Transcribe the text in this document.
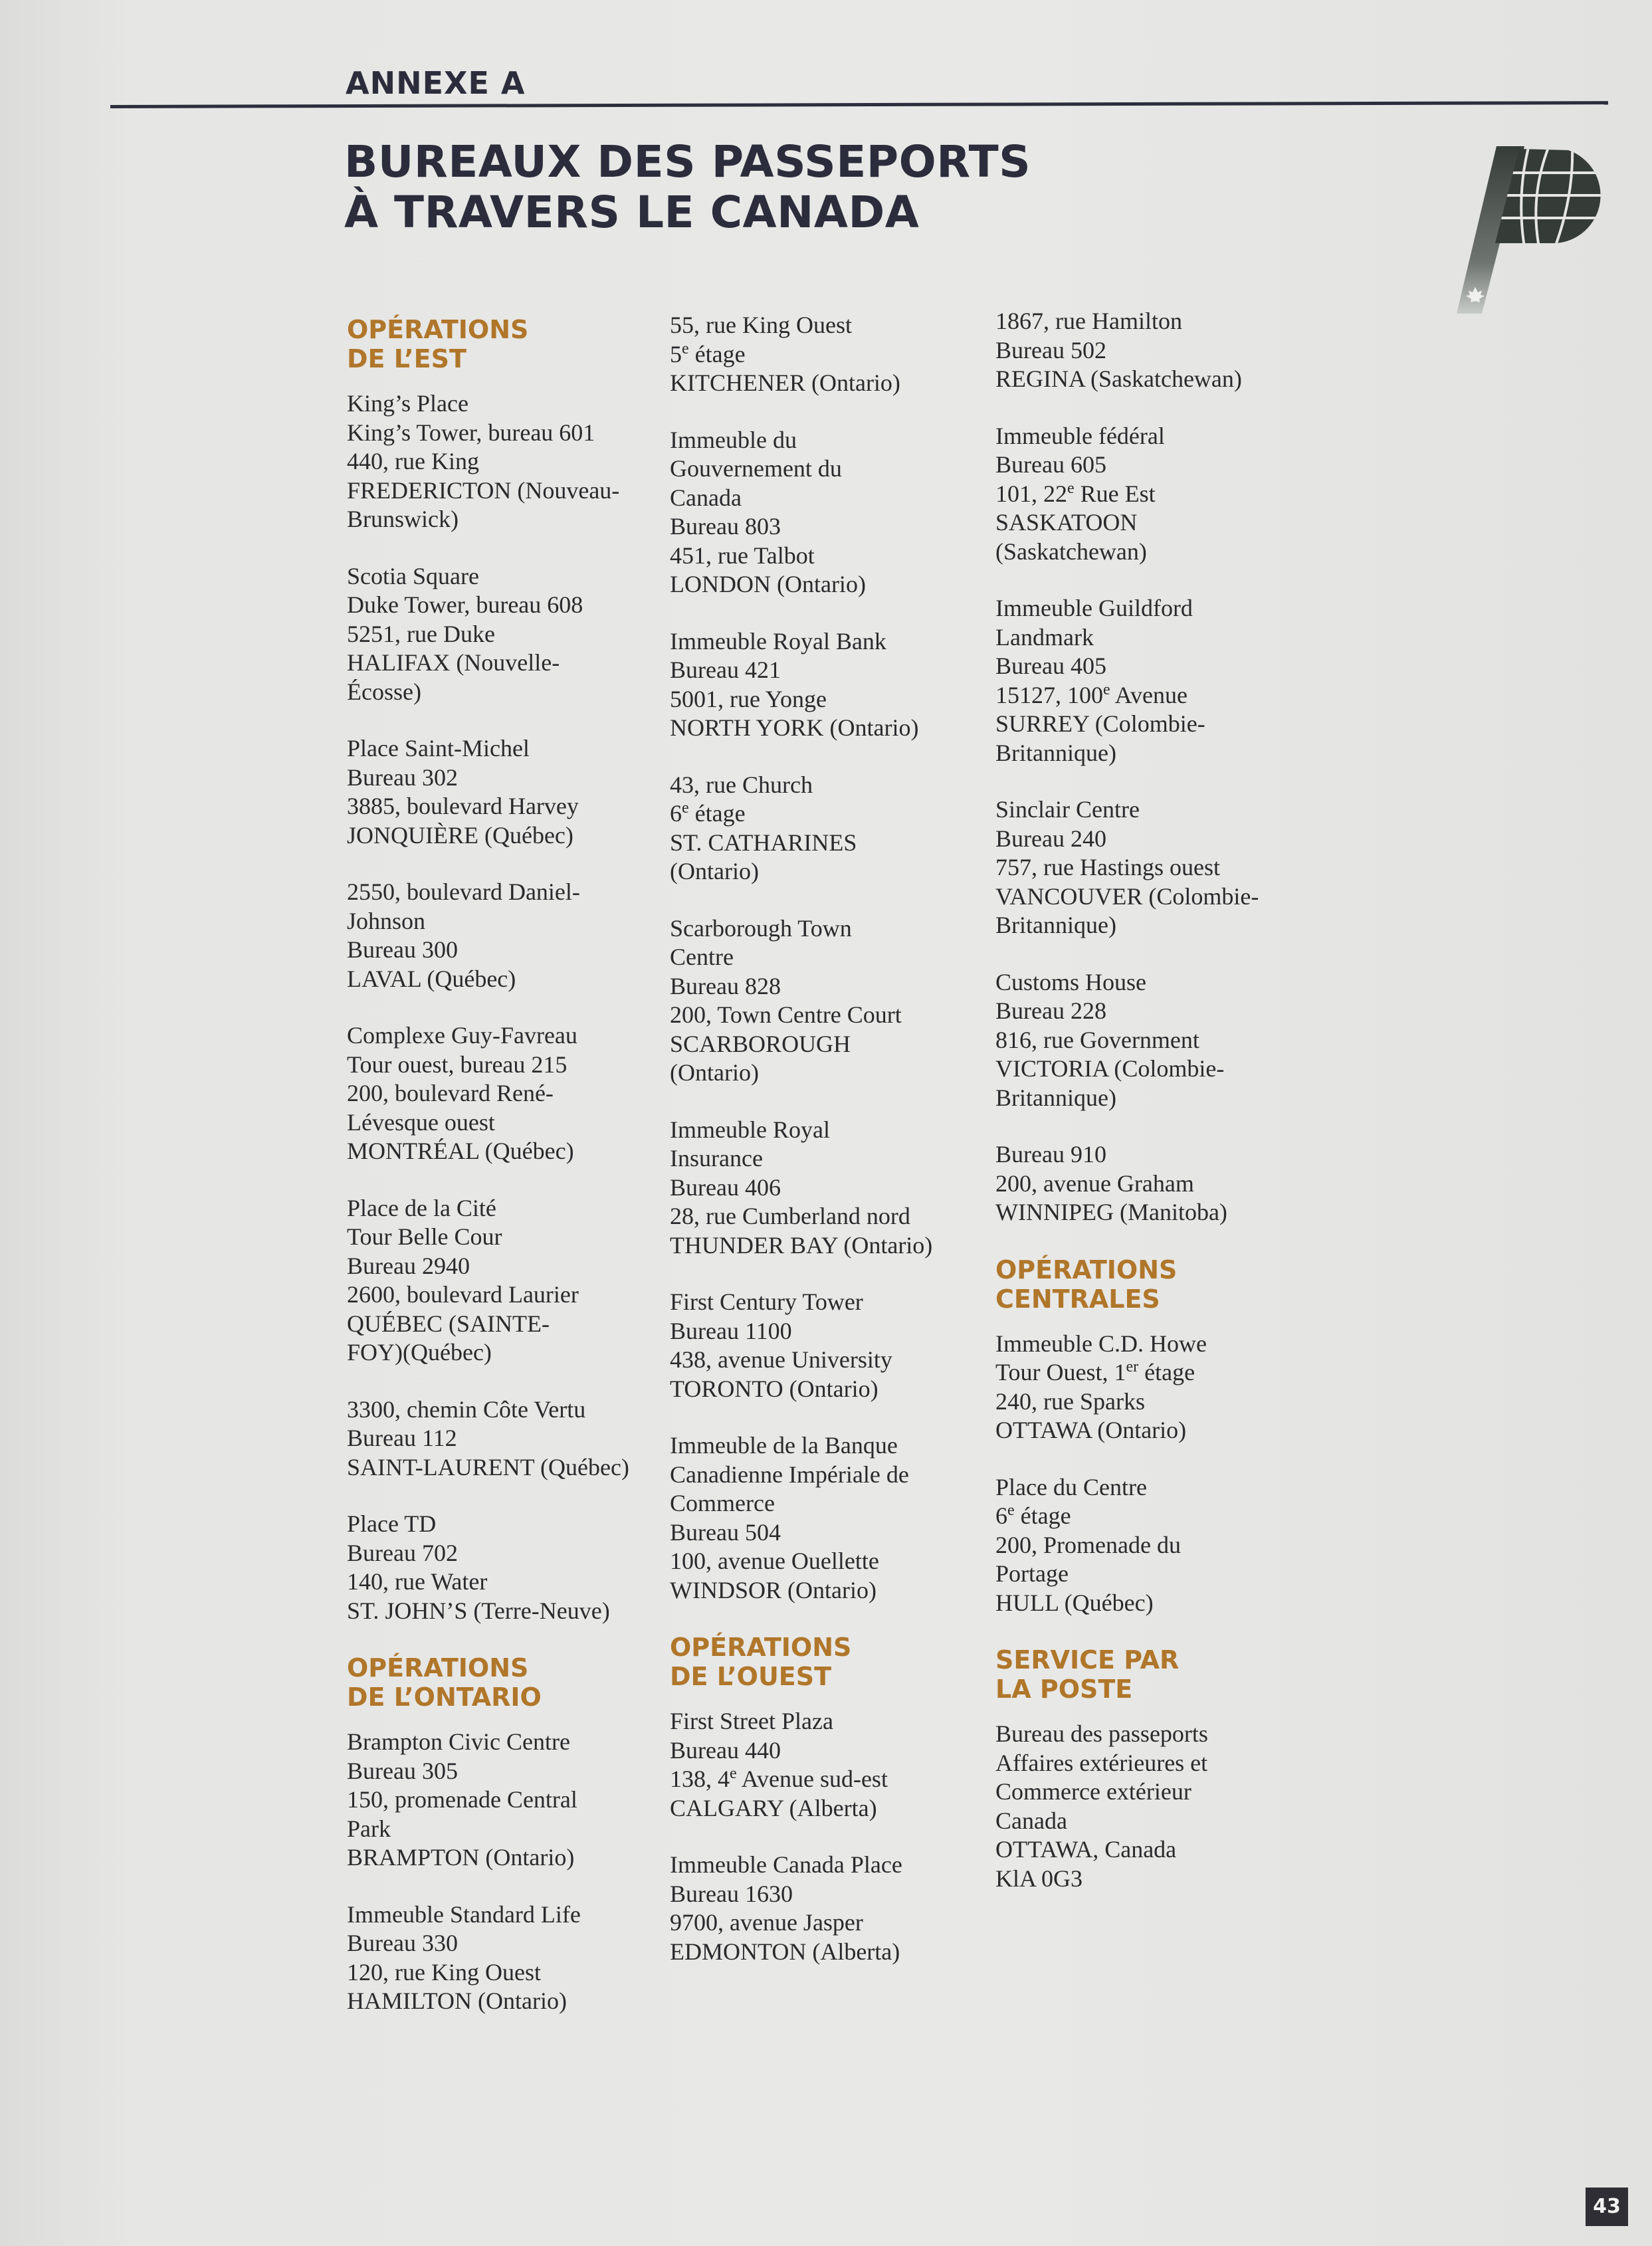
ANNEXE A
BUREAUX DES PASSEPORTS
À TRAVERS LE CANADA
OPÉRATIONS
DE L’EST
King’s Place
King’s Tower, bureau 601
440, rue King
FREDERICTON (Nouveau-
Brunswick)
Scotia Square
Duke Tower, bureau 608
5251, rue Duke
HALIFAX (Nouvelle-
Écosse)
Place Saint-Michel
Bureau 302
3885, boulevard Harvey
JONQUIÈRE (Québec)
2550, boulevard Daniel-
Johnson
Bureau 300
LAVAL (Québec)
Complexe Guy-Favreau
Tour ouest, bureau 215
200, boulevard René-
Lévesque ouest
MONTRÉAL (Québec)
Place de la Cité
Tour Belle Cour
Bureau 2940
2600, boulevard Laurier
QUÉBEC (SAINTE-
FOY)(Québec)
3300, chemin Côte Vertu
Bureau 112
SAINT-LAURENT (Québec)
Place TD
Bureau 702
140, rue Water
ST. JOHN’S (Terre-Neuve)
OPÉRATIONS
DE L’ONTARIO
Brampton Civic Centre
Bureau 305
150, promenade Central
Park
BRAMPTON (Ontario)
Immeuble Standard Life
Bureau 330
120, rue King Ouest
HAMILTON (Ontario)
55, rue King Ouest
5e étage
KITCHENER (Ontario)
Immeuble du
Gouvernement du
Canada
Bureau 803
451, rue Talbot
LONDON (Ontario)
Immeuble Royal Bank
Bureau 421
5001, rue Yonge
NORTH YORK (Ontario)
43, rue Church
6e étage
ST. CATHARINES
(Ontario)
Scarborough Town
Centre
Bureau 828
200, Town Centre Court
SCARBOROUGH
(Ontario)
Immeuble Royal
Insurance
Bureau 406
28, rue Cumberland nord
THUNDER BAY (Ontario)
First Century Tower
Bureau 1100
438, avenue University
TORONTO (Ontario)
Immeuble de la Banque
Canadienne Impériale de
Commerce
Bureau 504
100, avenue Ouellette
WINDSOR (Ontario)
OPÉRATIONS
DE L’OUEST
First Street Plaza
Bureau 440
138, 4e Avenue sud-est
CALGARY (Alberta)
Immeuble Canada Place
Bureau 1630
9700, avenue Jasper
EDMONTON (Alberta)
1867, rue Hamilton
Bureau 502
REGINA (Saskatchewan)
Immeuble fédéral
Bureau 605
101, 22e Rue Est
SASKATOON
(Saskatchewan)
Immeuble Guildford
Landmark
Bureau 405
15127, 100e Avenue
SURREY (Colombie-
Britannique)
Sinclair Centre
Bureau 240
757, rue Hastings ouest
VANCOUVER (Colombie-
Britannique)
Customs House
Bureau 228
816, rue Government
VICTORIA (Colombie-
Britannique)
Bureau 910
200, avenue Graham
WINNIPEG (Manitoba)
OPÉRATIONS
CENTRALES
Immeuble C.D. Howe
Tour Ouest, 1er étage
240, rue Sparks
OTTAWA (Ontario)
Place du Centre
6e étage
200, Promenade du
Portage
HULL (Québec)
SERVICE PAR
LA POSTE
Bureau des passeports
Affaires extérieures et
Commerce extérieur
Canada
OTTAWA, Canada
KlA 0G3
43
